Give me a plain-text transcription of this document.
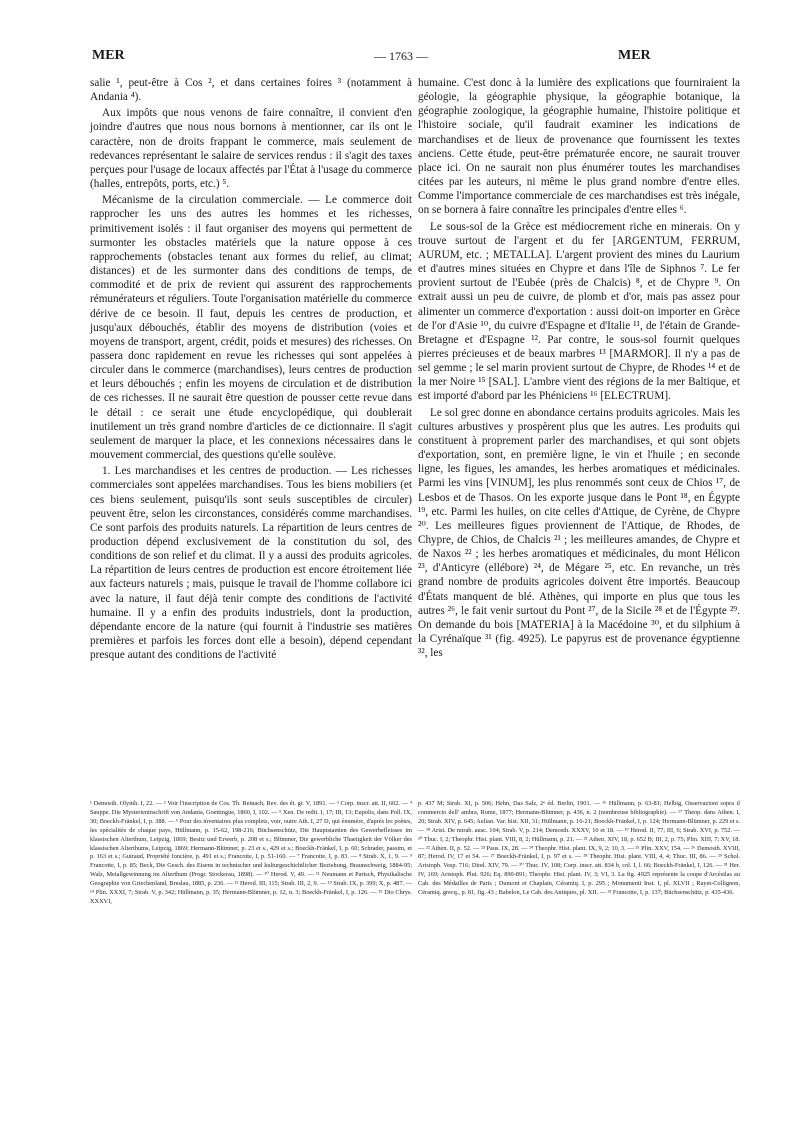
MER	— 1763 —	MER

salie ¹, peut-être à Cos ², et dans certaines foires ³ (notamment à Andania ⁴).

Aux impôts que nous venons de faire connaître, il convient d'en joindre d'autres que nous nous bornons à mentionner, car ils ont le caractère, non de droits frappant le commerce, mais seulement de redevances représentant le salaire de services rendus : il s'agit des taxes perçues pour l'usage de locaux affectés par l'État à l'usage du commerce (halles, entrepôts, ports, etc.) ⁵.

Mécanisme de la circulation commerciale. — Le commerce doit rapprocher les uns des autres les hommes et les richesses, primitivement isolés : il faut organiser des moyens qui permettent de surmonter les obstacles matériels que la nature oppose à ces rapprochements (obstacles tenant aux formes du relief, au climat; distances) et de les surmonter dans des conditions de temps, de commodité et de prix de revient qui assurent des rapprochements rémunérateurs et réguliers. Toute l'organisation matérielle du commerce dérive de ce besoin. Il faut, depuis les centres de production, et jusqu'aux débouchés, établir des moyens de distribution (voies et moyens de transport, argent, crédit, poids et mesures) des richesses. On passera donc rapidement en revue les richesses qui sont appelées à circuler dans le commerce (marchandises), leurs centres de production et leurs débouchés ; enfin les moyens de circulation et de distribution de ces richesses. Il ne saurait être question de pousser cette revue dans le détail : ce serait une étude encyclopédique, qui doublerait inutilement un très grand nombre d'articles de ce dictionnaire. Il s'agit seulement de marquer la place, et les connexions nécessaires dans le mouvement commercial, des questions qu'elle soulève.

1. Les marchandises et les centres de production. — Les richesses commerciales sont appelées marchandises. Tous les biens mobiliers (et ces biens seulement, puisqu'ils sont seuls susceptibles de circuler) peuvent être, selon les circonstances, considérés comme marchandises. Ce sont parfois des produits naturels. La répartition de leurs centres de production dépend exclusivement de la constitution du sol, des conditions de son relief et du climat. Il y a aussi des produits agricoles. La répartition de leurs centres de production est encore étroitement liée aux facteurs naturels ; mais, puisque le travail de l'homme collabore ici avec la nature, il faut déjà tenir compte des conditions de l'activité humaine. Il y a enfin des produits industriels, dont la production, dépendante encore de la nature (qui fournit à l'industrie ses matières premières et parfois les forces dont elle a besoin), dépend cependant presque autant des conditions de l'activité

humaine. C'est donc à la lumière des explications que fourniraient la géologie, la géographie physique, la géographie botanique, la géographie zoologique, la géographie humaine, l'histoire politique et l'histoire sociale, qu'il faudrait examiner les indications de marchandises et de lieux de provenance que fournissent les textes anciens. Cette étude, peut-être prématurée encore, ne saurait trouver place ici. On ne saurait non plus énumérer toutes les marchandises citées par les auteurs, ni même le plus grand nombre d'entre elles. Comme l'importance commerciale de ces marchandises est très inégale, on se bornera à faire connaître les principales d'entre elles ⁶.

Le sous-sol de la Grèce est médiocrement riche en minerais. On y trouve surtout de l'argent et du fer [ARGENTUM, FERRUM, AURUM, etc. ; METALLA]. L'argent provient des mines du Laurium et d'autres mines situées en Chypre et dans l'île de Siphnos ⁷. Le fer provient surtout de l'Eubée (près de Chalcis) ⁸, et de Chypre ⁹. On extrait aussi un peu de cuivre, de plomb et d'or, mais pas assez pour alimenter un commerce d'exportation : aussi doit-on importer en Grèce de l'or d'Asie ¹⁰, du cuivre d'Espagne et d'Italie ¹¹, de l'étain de Grande-Bretagne et d'Espagne ¹². Par contre, le sous-sol fournit quelques pierres précieuses et de beaux marbres ¹³ [MARMOR]. Il n'y a pas de sel gemme ; le sel marin provient surtout de Chypre, de Rhodes ¹⁴ et de la mer Noire ¹⁵ [SAL]. L'ambre vient des régions de la mer Baltique, et est importé d'abord par les Phéniciens ¹⁶ [ELECTRUM].

Le sol grec donne en abondance certains produits agricoles. Mais les cultures arbustives y prospèrent plus que les autres. Les produits qui constituent à proprement parler des marchandises, et qui sont objets d'exportation, sont, en première ligne, le vin et l'huile ; en seconde ligne, les figues, les amandes, les herbes aromatiques et médicinales. Parmi les vins [VINUM], les plus renommés sont ceux de Chios ¹⁷, de Lesbos et de Thasos. On les exporte jusque dans le Pont ¹⁸, en Égypte ¹⁹, etc. Parmi les huiles, on cite celles d'Attique, de Cyrène, de Chypre ²⁰. Les meilleures figues proviennent de l'Attique, de Rhodes, de Chypre, de Chios, de Chalcis ²¹ ; les meilleures amandes, de Chypre et de Naxos ²² ; les herbes aromatiques et médicinales, du mont Hélicon ²³, d'Anticyre (ellébore) ²⁴, de Mégare ²⁵, etc. En revanche, un très grand nombre de produits agricoles doivent être importés. Beaucoup d'États manquent de blé. Athènes, qui importe en plus que tous les autres ²⁶, le fait venir surtout du Pont ²⁷, de la Sicile ²⁸ et de l'Égypte ²⁹. On demande du bois [MATERIA] à la Macédoine ³⁰, et du silphium à la Cyrénaïque ³¹ (fig. 4925). Le papyrus est de provenance égyptienne ³², les

¹ Demosth. Olynth. I, 22. — ² Voir l'inscription de Cos. Th. Reinach, Rev. des ét. gr. V, 1891. — ³ Corp. inscr. att. II, 602. — ⁴ Sauppe. Die Mysterieninschrift von Andania, Goettingue, 1860, I, 102. — ⁵ Xen. De redit. I, 17; III, 13; Eupolis, dans Poll. IX, 30; Boeckh-Fränkel, I, p. 388. — ⁶ Pour des inventaires plus complets, voir, outre Ath. I, 27 D, qui énumère, d'après les poètes, les spécialités de chaque pays, Hüllmann, p. 15-62, 198-216; Büchsenschütz, Die Hauptstaetten des Gewerbefleisses im klassischen Alterthum, Leipzig, 1869; Besitz und Erwerb, p. 208 et s.; Blümner, Die gewerbliche Thaetigkeit der Völker des klassischen Alterthums, Leipzig, 1869; Hermann-Blümner, p. 23 et s., 429 et s.; Boeckh-Fränkel, I, p. 60; Schrader, passim, et p. 163 et s.; Guiraud, Propriété foncière, p. 491 et s.; Francotte, I, p. 51-160. — ⁷ Francotte, I, p. 83. — ⁸ Strab. X, 1, 9. — ⁹ Francotte, I, p. 85; Beck, Die Gesch. des Eisens in technischer und kulturgeschichtlicher Beziehung, Braunschweig, 1884-95; Walz, Metallgewinnung im Alterthum (Progr. Stockerau, 1898). — ¹⁰ Herod. V, 49. — ¹¹ Neumann et Partsch, Physikalische Geographie von Griechenland, Breslau, 1885, p. 236. — ¹² Herod. III, 115; Strab. III, 2, 9. — ¹³ Strab. IX, p. 399; X, p. 487. — ¹⁴ Plin. XXXI, 7; Strab. V, p. 342; Hüllmann, p. 35; Hermann-Blümner, p. 12, n. 3; Boeckh-Fränkel, I, p. 126. — ¹⁵ Dio Chrys. XXXVI,

p. 437 M; Strab. XI, p. 506; Hehn, Das Salz, 2ᵉ éd. Berlin, 1901. — ¹⁶ Hüllmann, p. 63-81; Helbig, Osservazioni sopra il commercio dell' ambra, Rome, 1877; Hermann-Blümner, p. 436, n. 2 (nombreuse bibliographie). — ¹⁷ Theop. dans Athen. I, 20; Strab. XIV, p. 645; Aelian. Var. hist. XII, 31; Hüllmann, p. 16-21; Boeckh-Fränkel, I, p. 124; Hermann-Blümner, p. 229 et s. — ¹⁸ Arist. De mirab. ausc. 104; Strab. V, p. 214; Demosth. XXXV, 10 et 18. — ¹⁹ Herod. II, 77; III, 6; Strab. XVI, p. 752. — ²⁰ Thuc. I, 2; Theophr. Hist. plant. VIII, 8, 2; Hüllmann, p. 21. — ²¹ Athen. XIV, 18, p. 652 B; III, 2, p. 75; Plin. XIII, 7; XV, 18. — ²² Athen. II, p. 52. — ²³ Paus. IX, 28. — ²⁴ Theophr. Hist. plant. IX, 9, 2; 10, 3. — ²⁵ Plin. XXV, 154. — ²⁶ Demosth. XVIII, 87; Herod. IV, 17 et 54. — ²⁷ Boeckh-Fränkel, I, p. 97 et s. — ²⁸ Theophr. Hist. plant. VIII, 4, 4; Thuc. III, 86. — ²⁹ Schol. Aristoph. Vesp. 716; Diod. XIV, 79. — ³⁰ Thuc. IV, 108; Corp. inscr. att. 834 b, col. I, l. 66; Boeckh-Fränkel, I, 126. — ³¹ Her. IV, 169; Aristoph. Plut. 926; Eq. 890-891; Theophr. Hist. plant. IV, 3; VI, 3. La fig. 4925 représente la coupe d'Arcésilas au Cab. des Médailles de Paris ; Dumont et Chaplain, Céramiq. I, p. 295 ; Monumenti Inst. I, pl. XLVII ; Rayet-Collignon, Céramiq. grecq., p. 81, fig. 43 ; Babelon, Le Cab. des Antiques, pl. XII. — ³² Francotte, I, p. 137; Büchsenschütz, p. 435-436.
